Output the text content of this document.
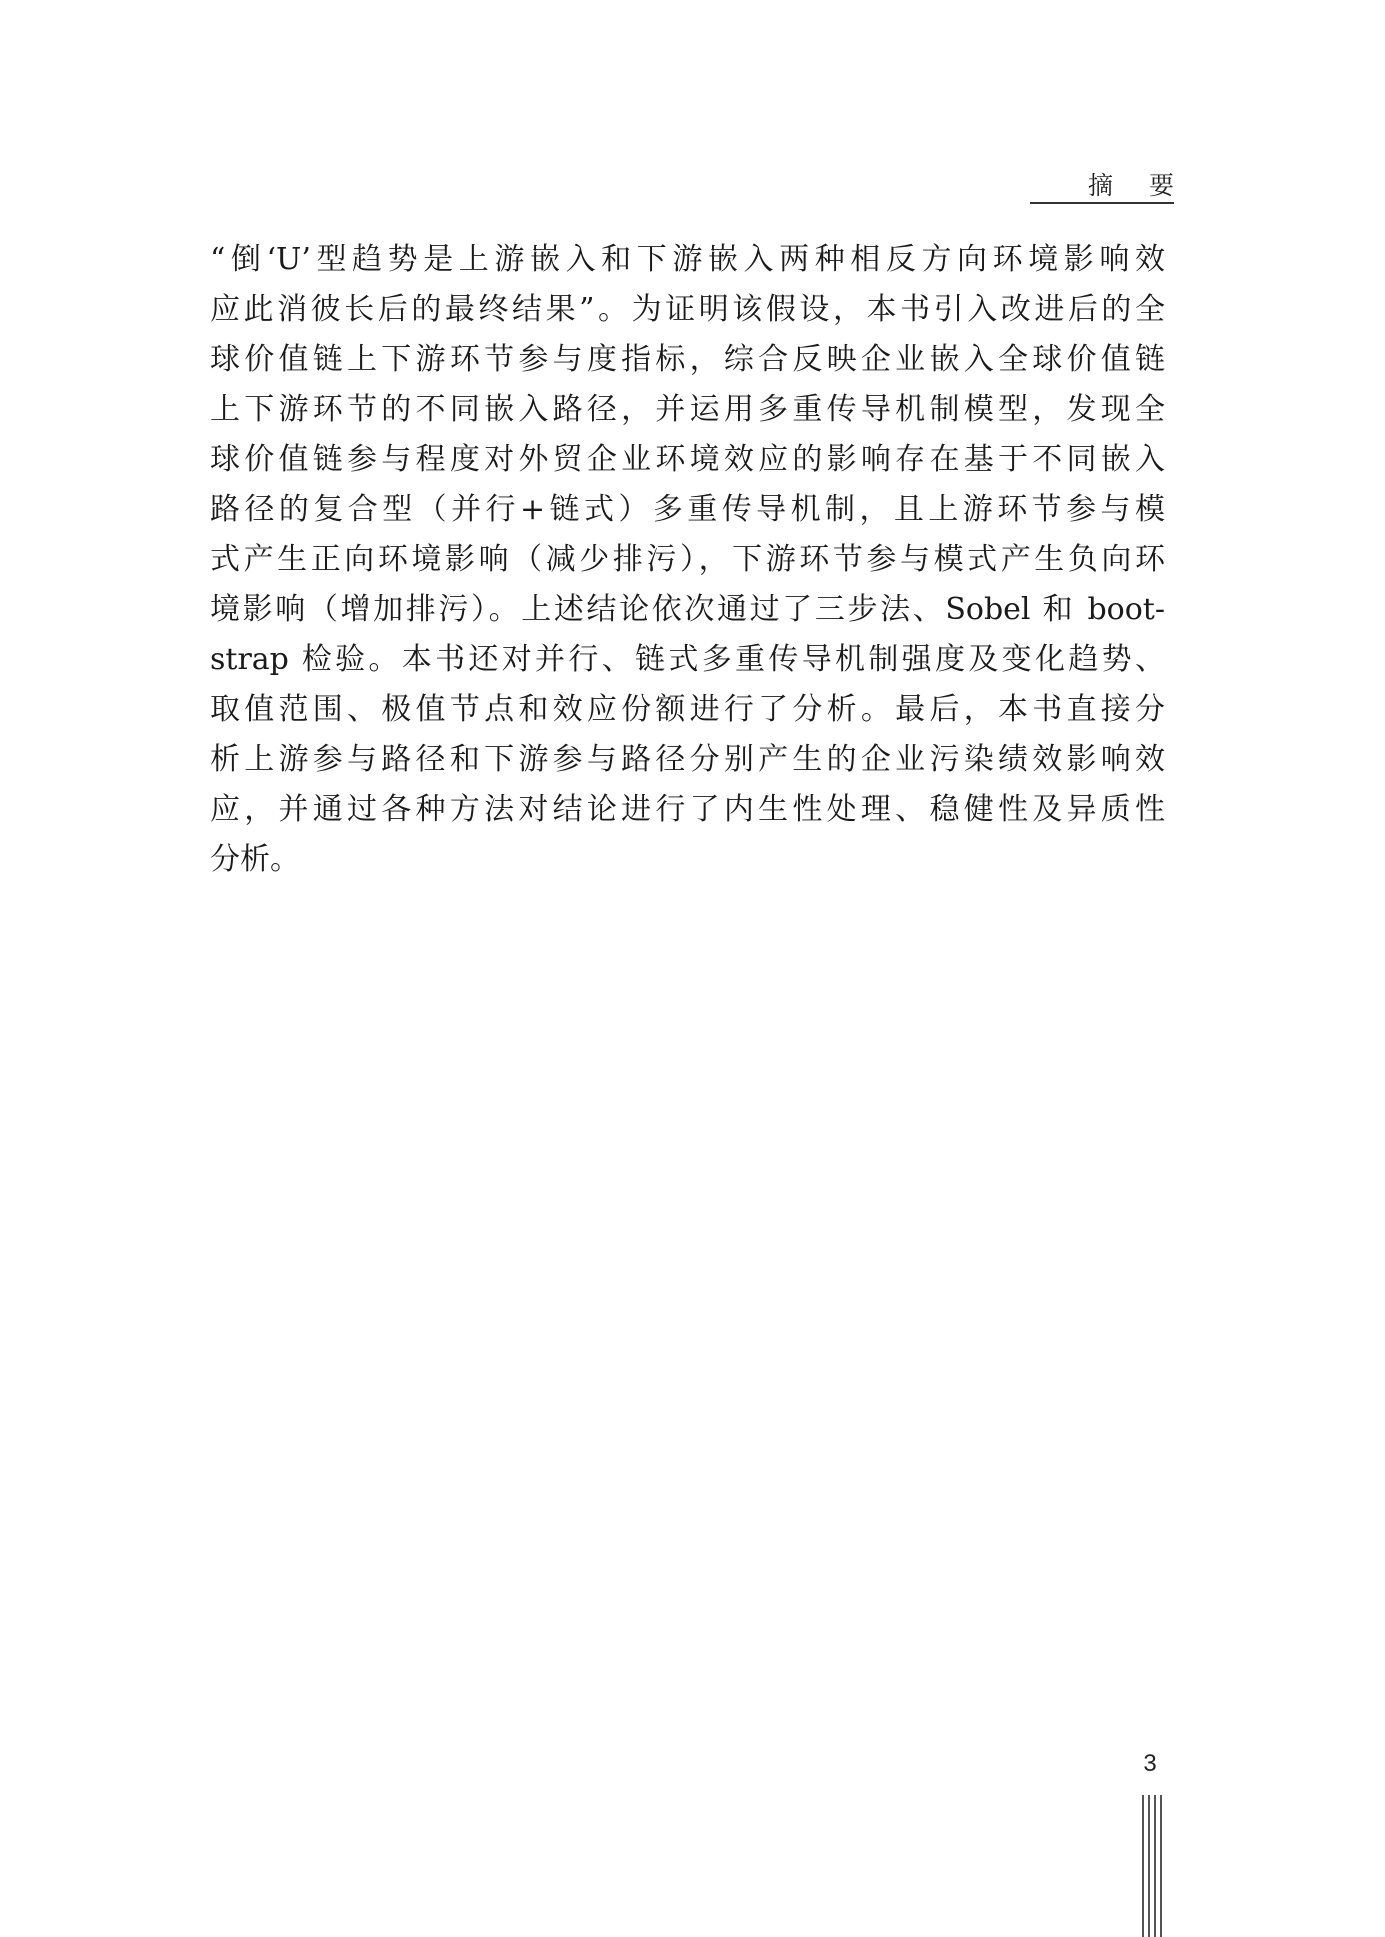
摘要
“倒‘U’型趋势是上游嵌入和下游嵌入两种相反方向环境影响效
应此消彼长后的最终结果”。为证明该假设，本书引入改进后的全
球价值链上下游环节参与度指标，综合反映企业嵌入全球价值链
上下游环节的不同嵌入路径，并运用多重传导机制模型，发现全
球价值链参与程度对外贸企业环境效应的影响存在基于不同嵌入
路径的复合型（并行+链式）多重传导机制，且上游环节参与模
式产生正向环境影响（减少排污），下游环节参与模式产生负向环
境影响（增加排污）。上述结论依次通过了三步法、Sobel 和 boot-
strap 检验。本书还对并行、链式多重传导机制强度及变化趋势、
取值范围、极值节点和效应份额进行了分析。最后，本书直接分
析上游参与路径和下游参与路径分别产生的企业污染绩效影响效
应，并通过各种方法对结论进行了内生性处理、稳健性及异质性
分析。
3
